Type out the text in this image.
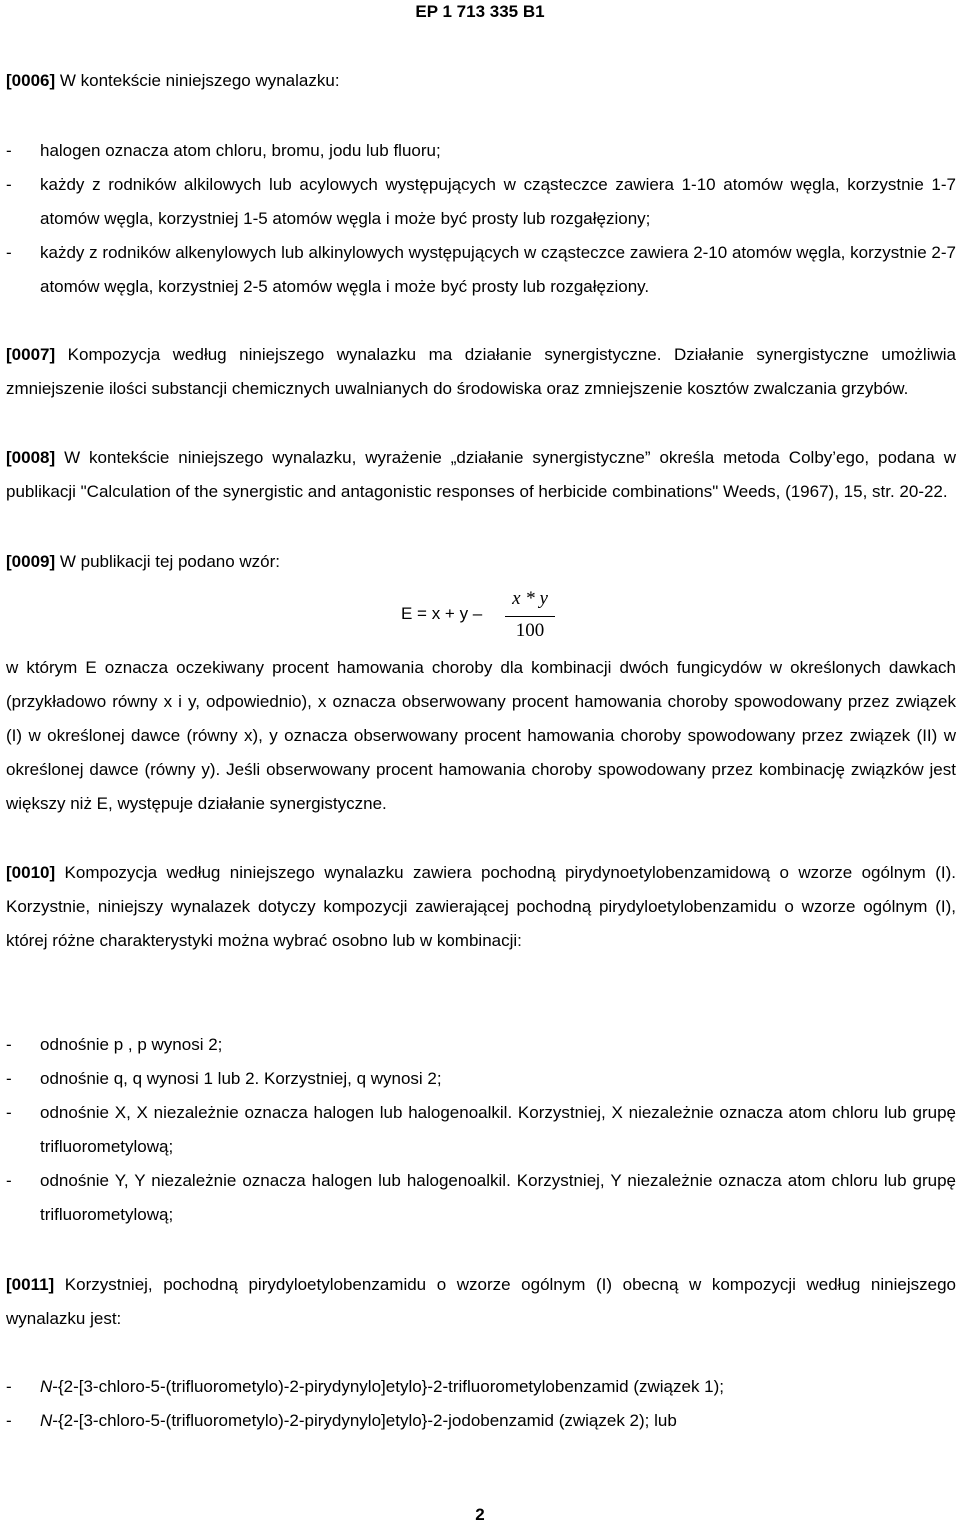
EP 1 713 335 B1
[0006] W kontekście niniejszego wynalazku:
- halogen oznacza atom chloru, bromu, jodu lub fluoru;
- każdy z rodników alkilowych lub acylowych występujących w cząsteczce zawiera 1-10 atomów węgla, korzystnie 1-7 atomów węgla, korzystniej 1-5 atomów węgla i może być prosty lub rozgałęziony;
- każdy z rodników alkenylowych lub alkinylowych występujących w cząsteczce zawiera 2-10 atomów węgla, korzystnie 2-7 atomów węgla, korzystniej 2-5 atomów węgla i może być prosty lub rozgałęziony.
[0007] Kompozycja według niniejszego wynalazku ma działanie synergistyczne. Działanie synergistyczne umożliwia zmniejszenie ilości substancji chemicznych uwalnianych do środowiska oraz zmniejszenie kosztów zwalczania grzybów.
[0008] W kontekście niniejszego wynalazku, wyrażenie „działanie synergistyczne” określa metoda Colby’ego, podana w publikacji "Calculation of the synergistic and antagonistic responses of herbicide combinations" Weeds, (1967), 15, str. 20-22.
[0009] W publikacji tej podano wzór:
E = x + y –
x * y
100
w którym E oznacza oczekiwany procent hamowania choroby dla kombinacji dwóch fungicydów w określonych dawkach (przykładowo równy x i y, odpowiednio), x oznacza obserwowany procent hamowania choroby spowodowany przez związek (I) w określonej dawce (równy x), y oznacza obserwowany procent hamowania choroby spowodowany przez związek (II) w określonej dawce (równy y). Jeśli obserwowany procent hamowania choroby spowodowany przez kombinację związków jest większy niż E, występuje działanie synergistyczne.
[0010] Kompozycja według niniejszego wynalazku zawiera pochodną pirydynoetylobenzamidową o wzorze ogólnym (I). Korzystnie, niniejszy wynalazek dotyczy kompozycji zawierającej pochodną pirydyloetylobenzamidu o wzorze ogólnym (I), której różne charakterystyki można wybrać osobno lub w kombinacji:
- odnośnie p , p wynosi 2;
- odnośnie q, q wynosi 1 lub 2. Korzystniej, q wynosi 2;
- odnośnie X, X niezależnie oznacza halogen lub halogenoalkil. Korzystniej, X niezależnie oznacza atom chloru lub grupę trifluorometylową;
- odnośnie Y, Y niezależnie oznacza halogen lub halogenoalkil. Korzystniej, Y niezależnie oznacza atom chloru lub grupę trifluorometylową;
[0011] Korzystniej, pochodną pirydyloetylobenzamidu o wzorze ogólnym (I) obecną w kompozycji według niniejszego wynalazku jest:
- N-{2-[3-chloro-5-(trifluorometylo)-2-pirydynylo]etylo}-2-trifluorometylobenzamid (związek 1);
- N-{2-[3-chloro-5-(trifluorometylo)-2-pirydynylo]etylo}-2-jodobenzamid (związek 2); lub
2
